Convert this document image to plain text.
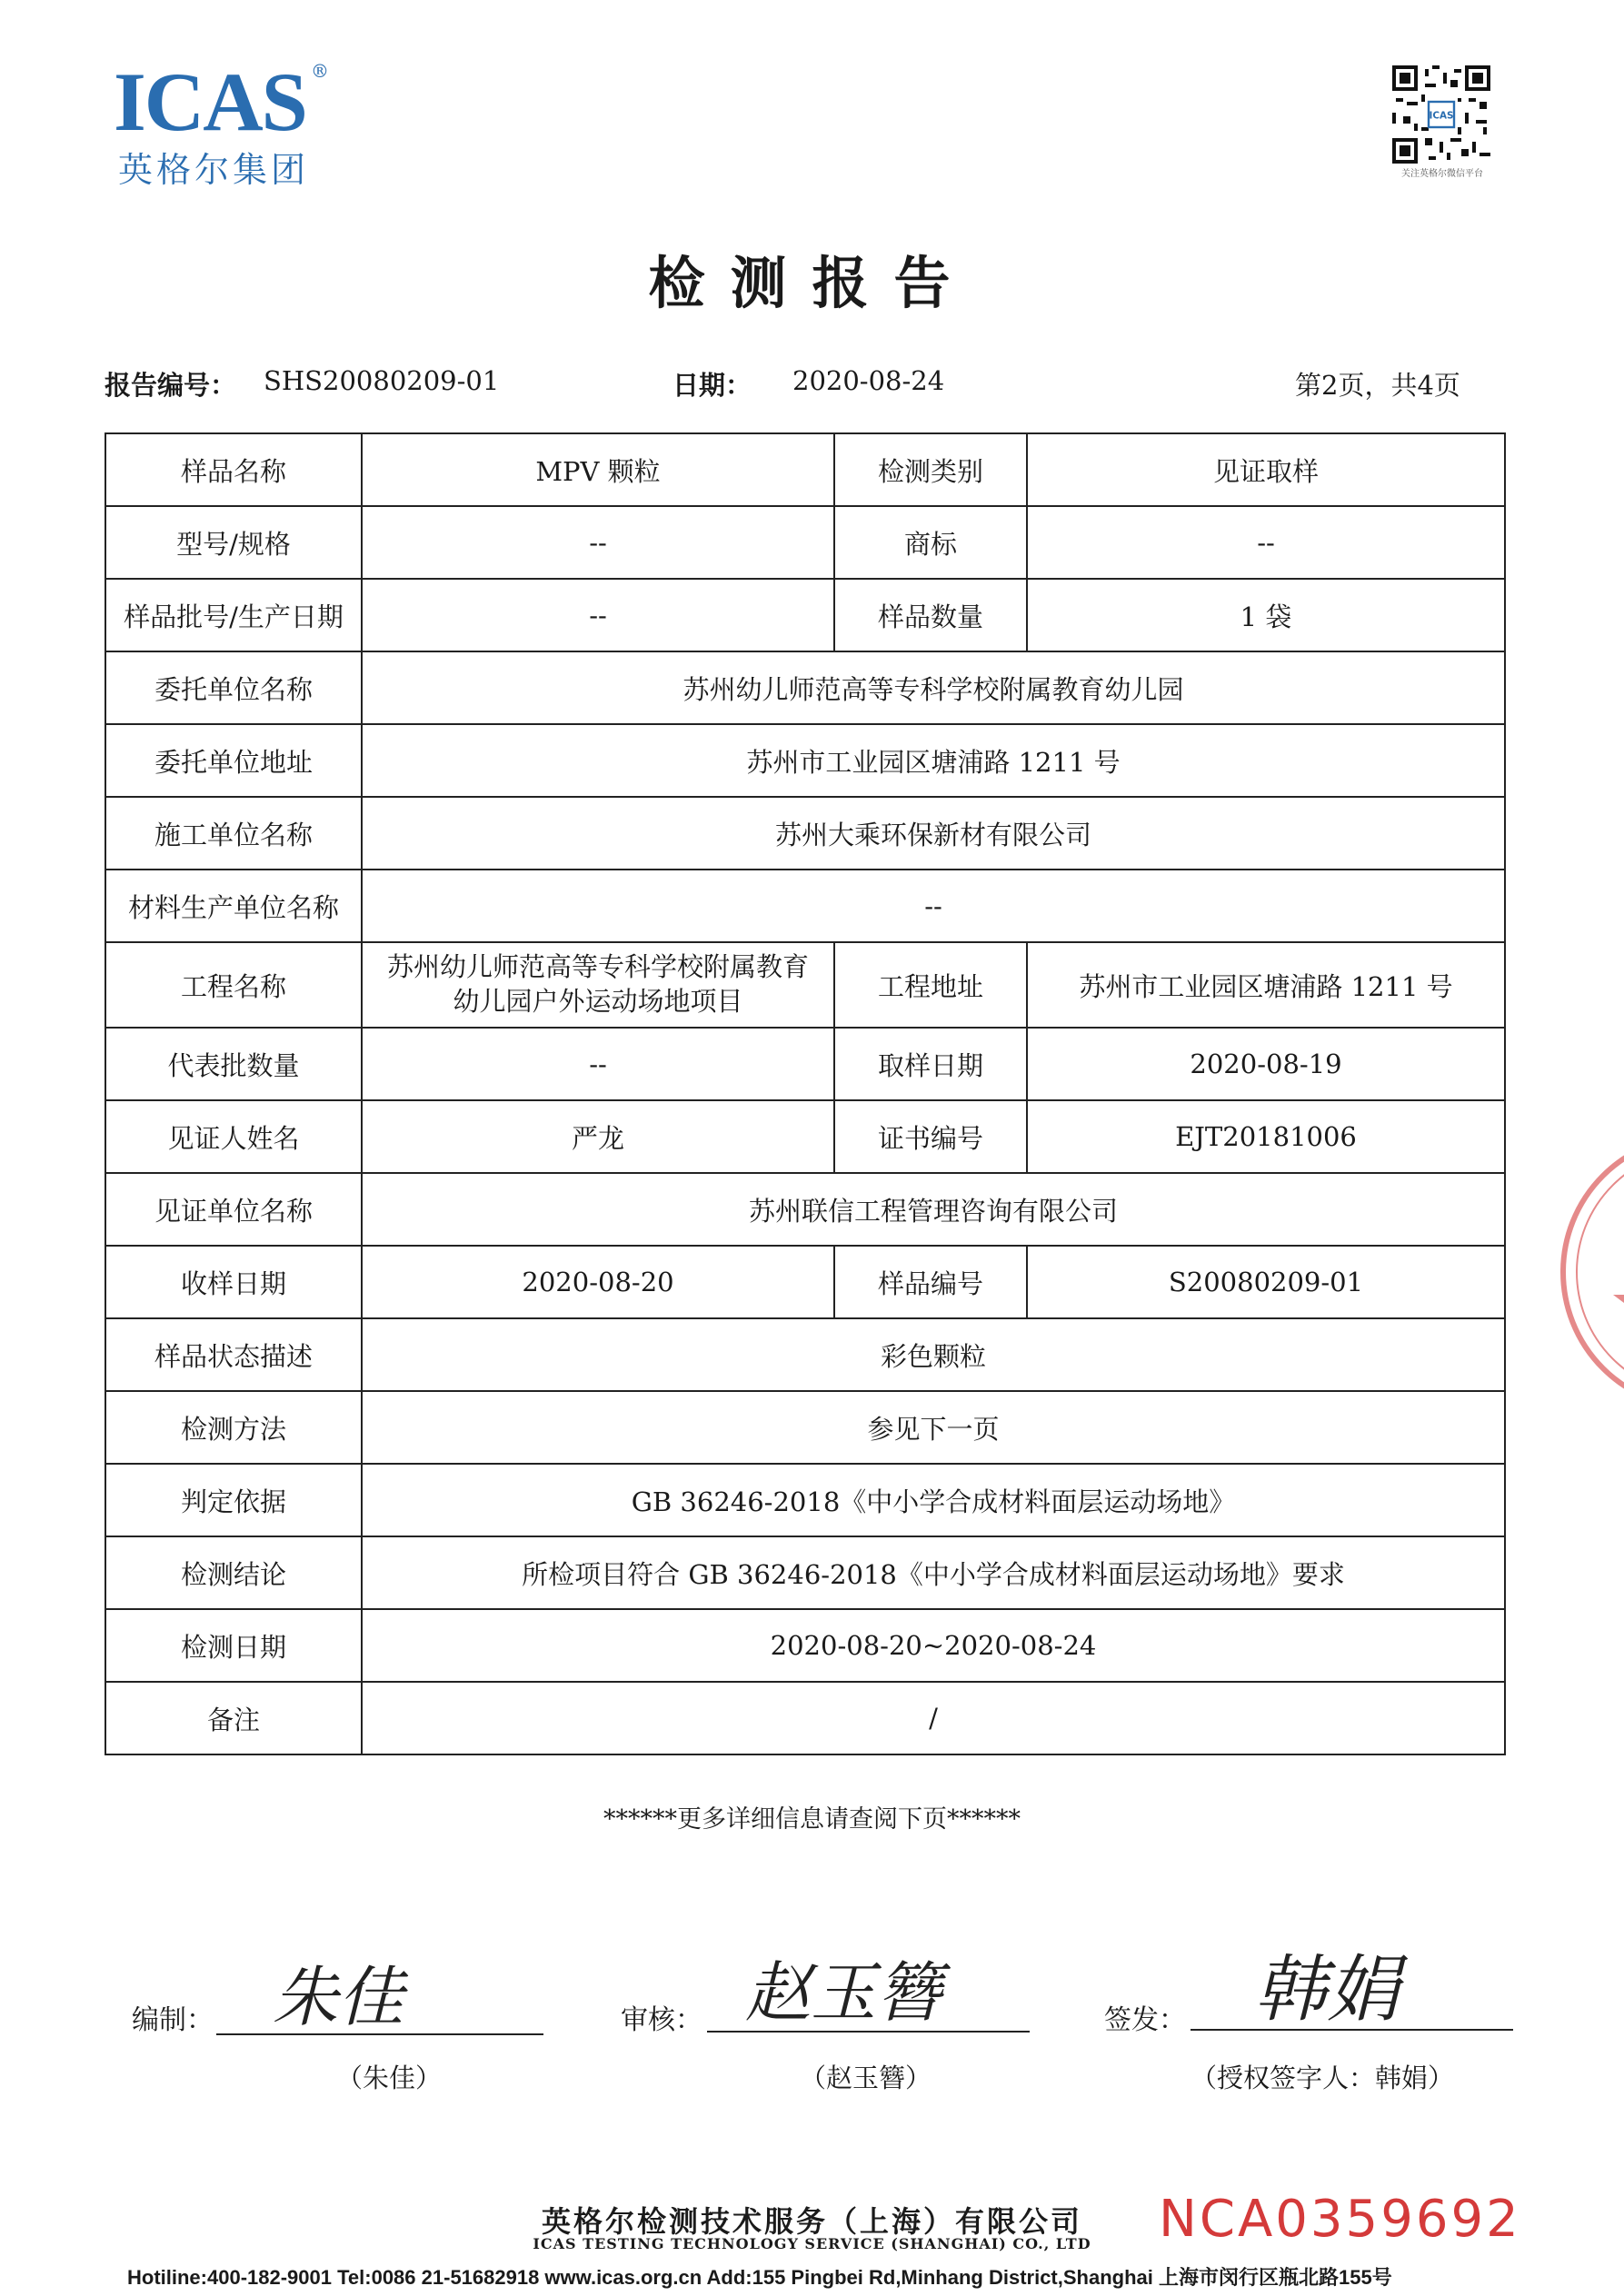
ICAS ®
英格尔集团
ICAS
关注英格尔微信平台
检测报告
报告编号： SHS20080209-01	日期： 2020-08-24	第2页，共4页
样品名称	MPV 颗粒	检测类别	见证取样
型号/规格	--	商标	--
样品批号/生产日期	--	样品数量	1 袋
委托单位名称	苏州幼儿师范高等专科学校附属教育幼儿园		
委托单位地址	苏州市工业园区塘浦路 1211 号		
施工单位名称	苏州大乘环保新材有限公司		
材料生产单位名称	--		
工程名称	苏州幼儿师范高等专科学校附属教育
幼儿园户外运动场地项目	工程地址	苏州市工业园区塘浦路 1211 号
代表批数量	--	取样日期	2020-08-19
见证人姓名	严龙	证书编号	EJT20181006
见证单位名称	苏州联信工程管理咨询有限公司		
收样日期	2020-08-20	样品编号	S20080209-01
样品状态描述	彩色颗粒		
检测方法	参见下一页		
判定依据	GB 36246-2018《中小学合成材料面层运动场地》		
检测结论	所检项目符合 GB 36246-2018《中小学合成材料面层运动场地》要求		
检测日期	2020-08-20~2020-08-24		
备注	/		
******更多详细信息请查阅下页******
编制： 朱佳
（朱佳）
审核： 赵玉簪
（赵玉簪）
签发： 韩娟
（授权签字人：韩娟）
英格尔检测技术服务（上海）有限公司
ICAS TESTING TECHNOLOGY SERVICE (SHANGHAI) CO., LTD	NCA0359692
Hotiline:400-182-9001 Tel:0086 21-51682918 www.icas.org.cn Add:155 Pingbei Rd,Minhang District,Shanghai 上海市闵行区瓶北路155号
